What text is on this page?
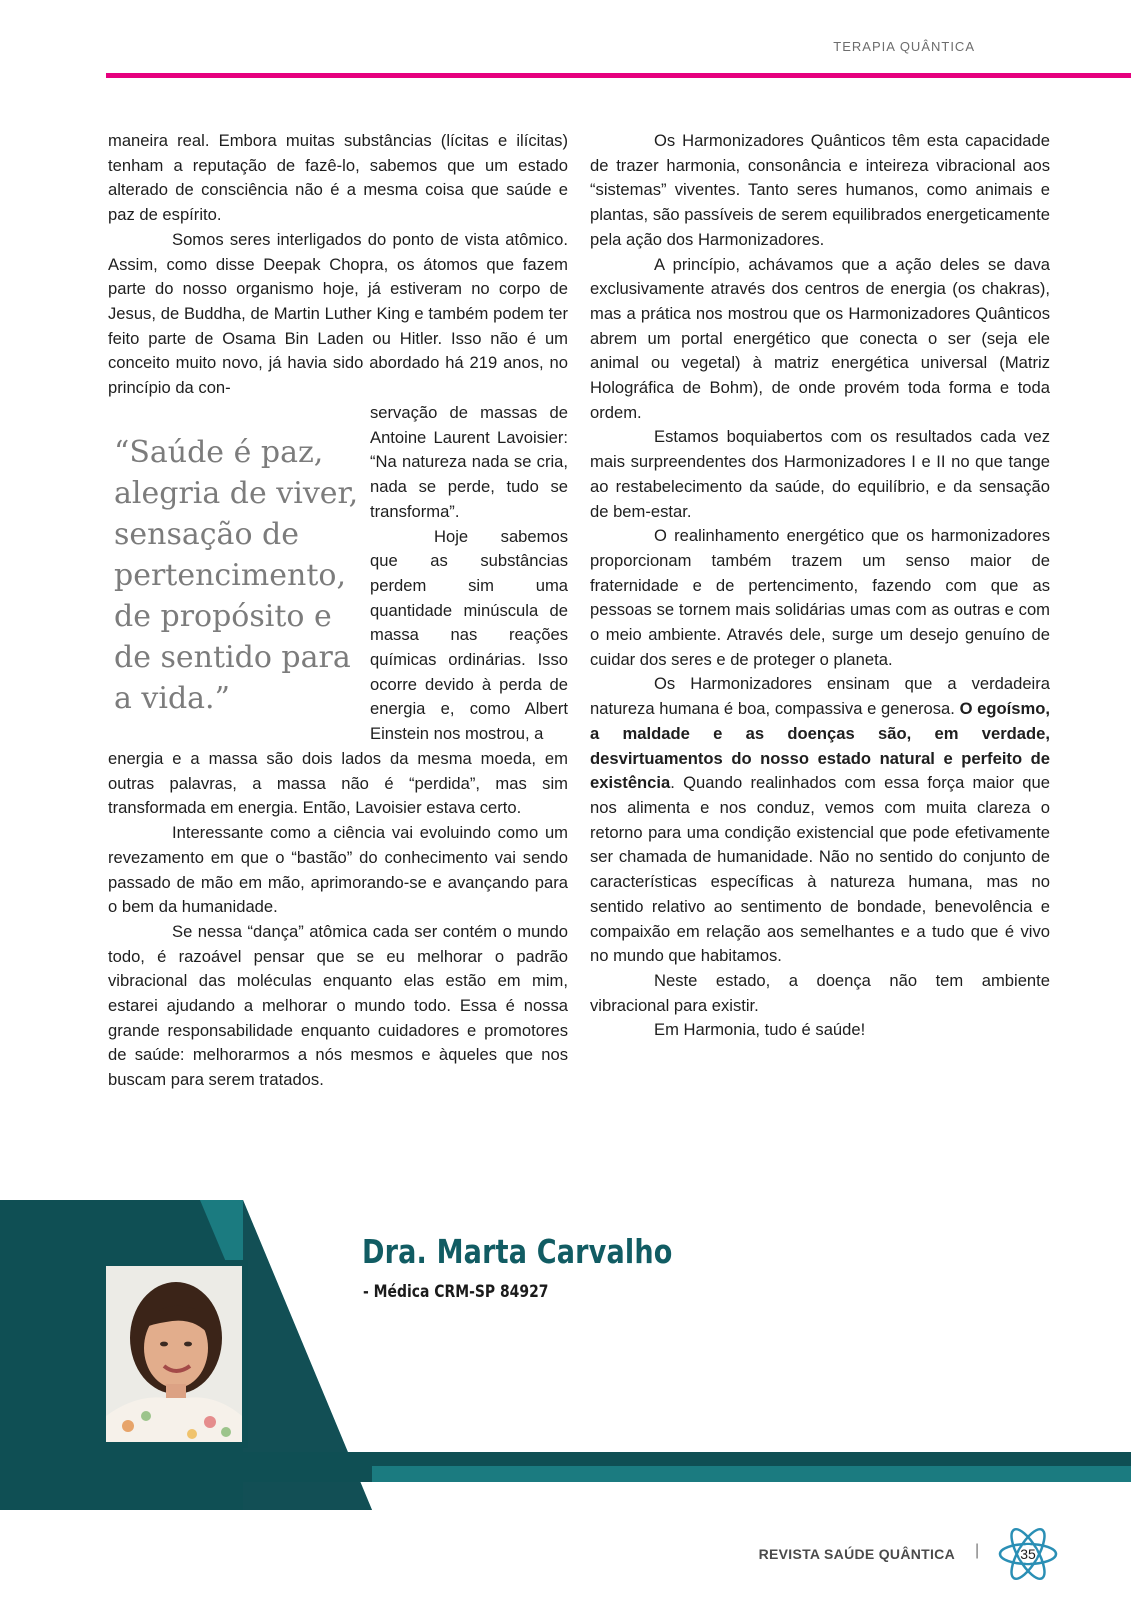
TERAPIA QUÂNTICA

maneira real. Embora muitas substâncias (lícitas e ilícitas) tenham a reputação de fazê-lo, sabemos que um estado alterado de consciência não é a mesma coisa que saúde e paz de espírito.

Somos seres interligados do ponto de vista atômico. Assim, como disse Deepak Chopra, os átomos que fazem parte do nosso organismo hoje, já estiveram no corpo de Jesus, de Buddha, de Martin Luther King e também podem ter feito parte de Osama Bin Laden ou Hitler. Isso não é um conceito muito novo, já havia sido abordado há 219 anos, no princípio da con-

“Saúde é paz,
alegria de viver,
sensação de
pertencimento,
de propósito e
de sentido para
a vida.”

servação de massas de Antoine Laurent Lavoisier: “Na natureza nada se cria, nada se perde, tudo se transforma”.

Hoje sabemos que as substâncias perdem sim uma quantidade minúscula de massa nas reações químicas ordinárias. Isso ocorre devido à perda de energia e, como Albert Einstein nos mostrou, a

energia e a massa são dois lados da mesma moeda, em outras palavras, a massa não é “perdida”, mas sim transformada em energia. Então, Lavoisier estava certo.

Interessante como a ciência vai evoluindo como um revezamento em que o “bastão” do conhecimento vai sendo passado de mão em mão, aprimorando-se e avançando para o bem da humanidade.

Se nessa “dança” atômica cada ser contém o mundo todo, é razoável pensar que se eu melhorar o padrão vibracional das moléculas enquanto elas estão em mim, estarei ajudando a melhorar o mundo todo. Essa é nossa grande responsabilidade enquanto cuidadores e promotores de saúde: melhorarmos a nós mesmos e àqueles que nos buscam para serem tratados.

Os Harmonizadores Quânticos têm esta capacidade de trazer harmonia, consonância e inteireza vibracional aos “sistemas” viventes. Tanto seres humanos, como animais e plantas, são passíveis de serem equilibrados energeticamente pela ação dos Harmonizadores.

A princípio, achávamos que a ação deles se dava exclusivamente através dos centros de energia (os chakras), mas a prática nos mostrou que os Harmonizadores Quânticos abrem um portal energético que conecta o ser (seja ele animal ou vegetal) à matriz energética universal (Matriz Holográfica de Bohm), de onde provém toda forma e toda ordem.

Estamos boquiabertos com os resultados cada vez mais surpreendentes dos Harmonizadores I e II no que tange ao restabelecimento da saúde, do equilíbrio, e da sensação de bem-estar.

O realinhamento energético que os harmonizadores proporcionam também trazem um senso maior de fraternidade e de pertencimento, fazendo com que as pessoas se tornem mais solidárias umas com as outras e com o meio ambiente. Através dele, surge um desejo genuíno de cuidar dos seres e de proteger o planeta.

Os Harmonizadores ensinam que a verdadeira natureza humana é boa, compassiva e generosa. O egoísmo, a maldade e as doenças são, em verdade, desvirtuamentos do nosso estado natural e perfeito de existência. Quando realinhados com essa força maior que nos alimenta e nos conduz, vemos com muita clareza o retorno para uma condição existencial que pode efetivamente ser chamada de humanidade. Não no sentido do conjunto de características específicas à natureza humana, mas no sentido relativo ao sentimento de bondade, benevolência e compaixão em relação aos semelhantes e a tudo que é vivo no mundo que habitamos.

Neste estado, a doença não tem ambiente vibracional para existir.

Em Harmonia, tudo é saúde!

Dra. Marta Carvalho
- Médica CRM-SP 84927
REVISTA SAÚDE QUÂNTICA |	35
